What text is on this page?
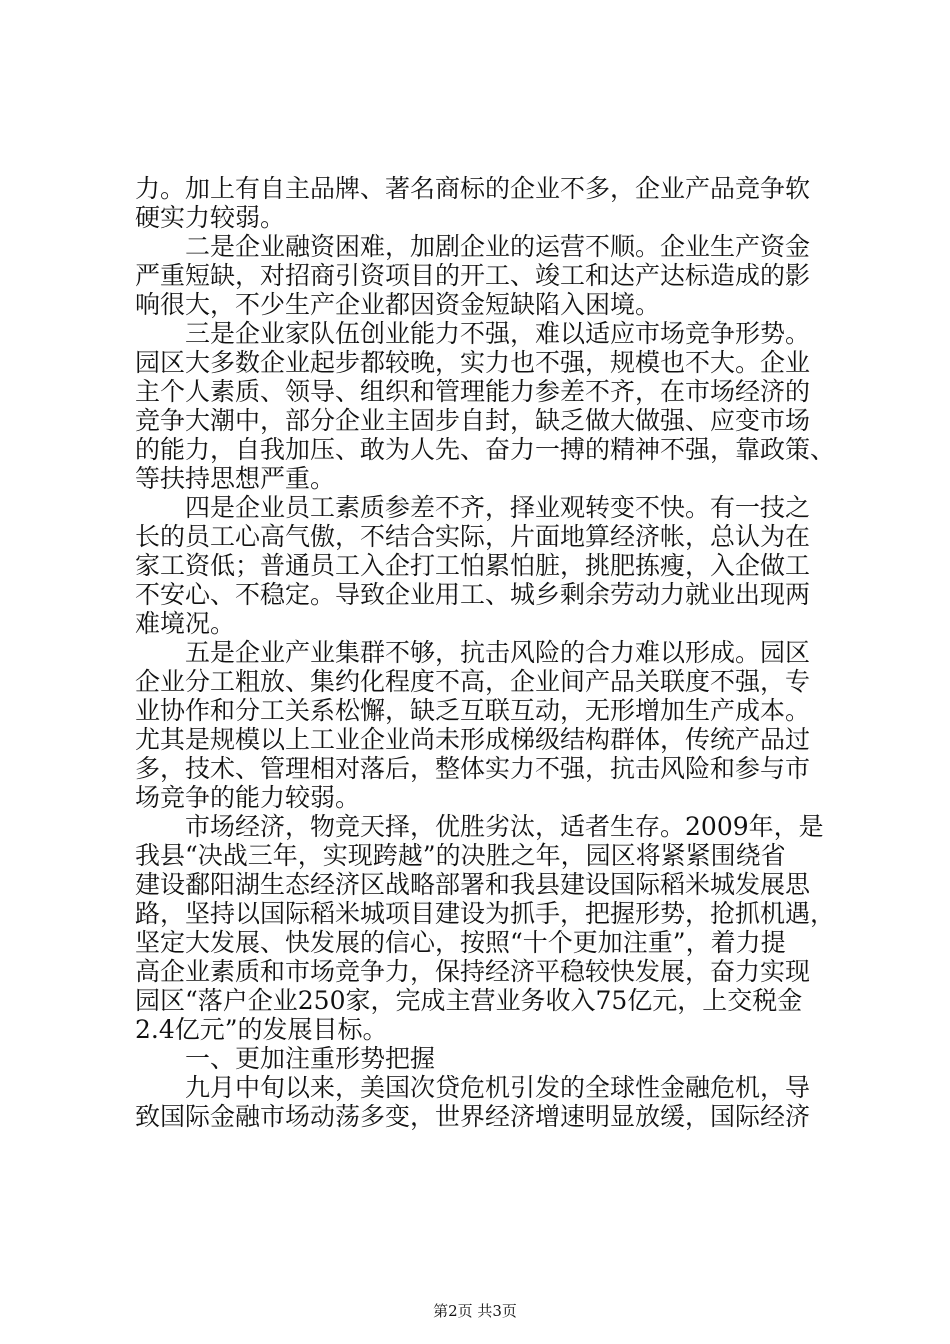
力。加上有自主品牌、著名商标的企业不多，企业产品竞争软
硬实力较弱。
　　二是企业融资困难，加剧企业的运营不顺。企业生产资金
严重短缺，对招商引资项目的开工、竣工和达产达标造成的影
响很大，不少生产企业都因资金短缺陷入困境。
　　三是企业家队伍创业能力不强，难以适应市场竞争形势。
园区大多数企业起步都较晚，实力也不强，规模也不大。企业
主个人素质、领导、组织和管理能力参差不齐，在市场经济的
竞争大潮中，部分企业主固步自封，缺乏做大做强、应变市场
的能力，自我加压、敢为人先、奋力一搏的精神不强，靠政策、
等扶持思想严重。
　　四是企业员工素质参差不齐，择业观转变不快。有一技之
长的员工心高气傲，不结合实际，片面地算经济帐，总认为在
家工资低；普通员工入企打工怕累怕脏，挑肥拣瘦，入企做工
不安心、不稳定。导致企业用工、城乡剩余劳动力就业出现两
难境况。
　　五是企业产业集群不够，抗击风险的合力难以形成。园区
企业分工粗放、集约化程度不高，企业间产品关联度不强，专
业协作和分工关系松懈，缺乏互联互动，无形增加生产成本。
尤其是规模以上工业企业尚未形成梯级结构群体，传统产品过
多，技术、管理相对落后，整体实力不强，抗击风险和参与市
场竞争的能力较弱。
　　市场经济，物竞天择，优胜劣汰，适者生存。2009年，是
我县“决战三年，实现跨越”的决胜之年，园区将紧紧围绕省
建设鄱阳湖生态经济区战略部署和我县建设国际稻米城发展思
路，坚持以国际稻米城项目建设为抓手，把握形势，抢抓机遇，
坚定大发展、快发展的信心，按照“十个更加注重”，着力提
高企业素质和市场竞争力，保持经济平稳较快发展，奋力实现
园区“落户企业250家，完成主营业务收入75亿元，上交税金
2.4亿元”的发展目标。
　　一、更加注重形势把握
　　九月中旬以来，美国次贷危机引发的全球性金融危机，导
致国际金融市场动荡多变，世界经济增速明显放缓，国际经济
第2页 共3页
